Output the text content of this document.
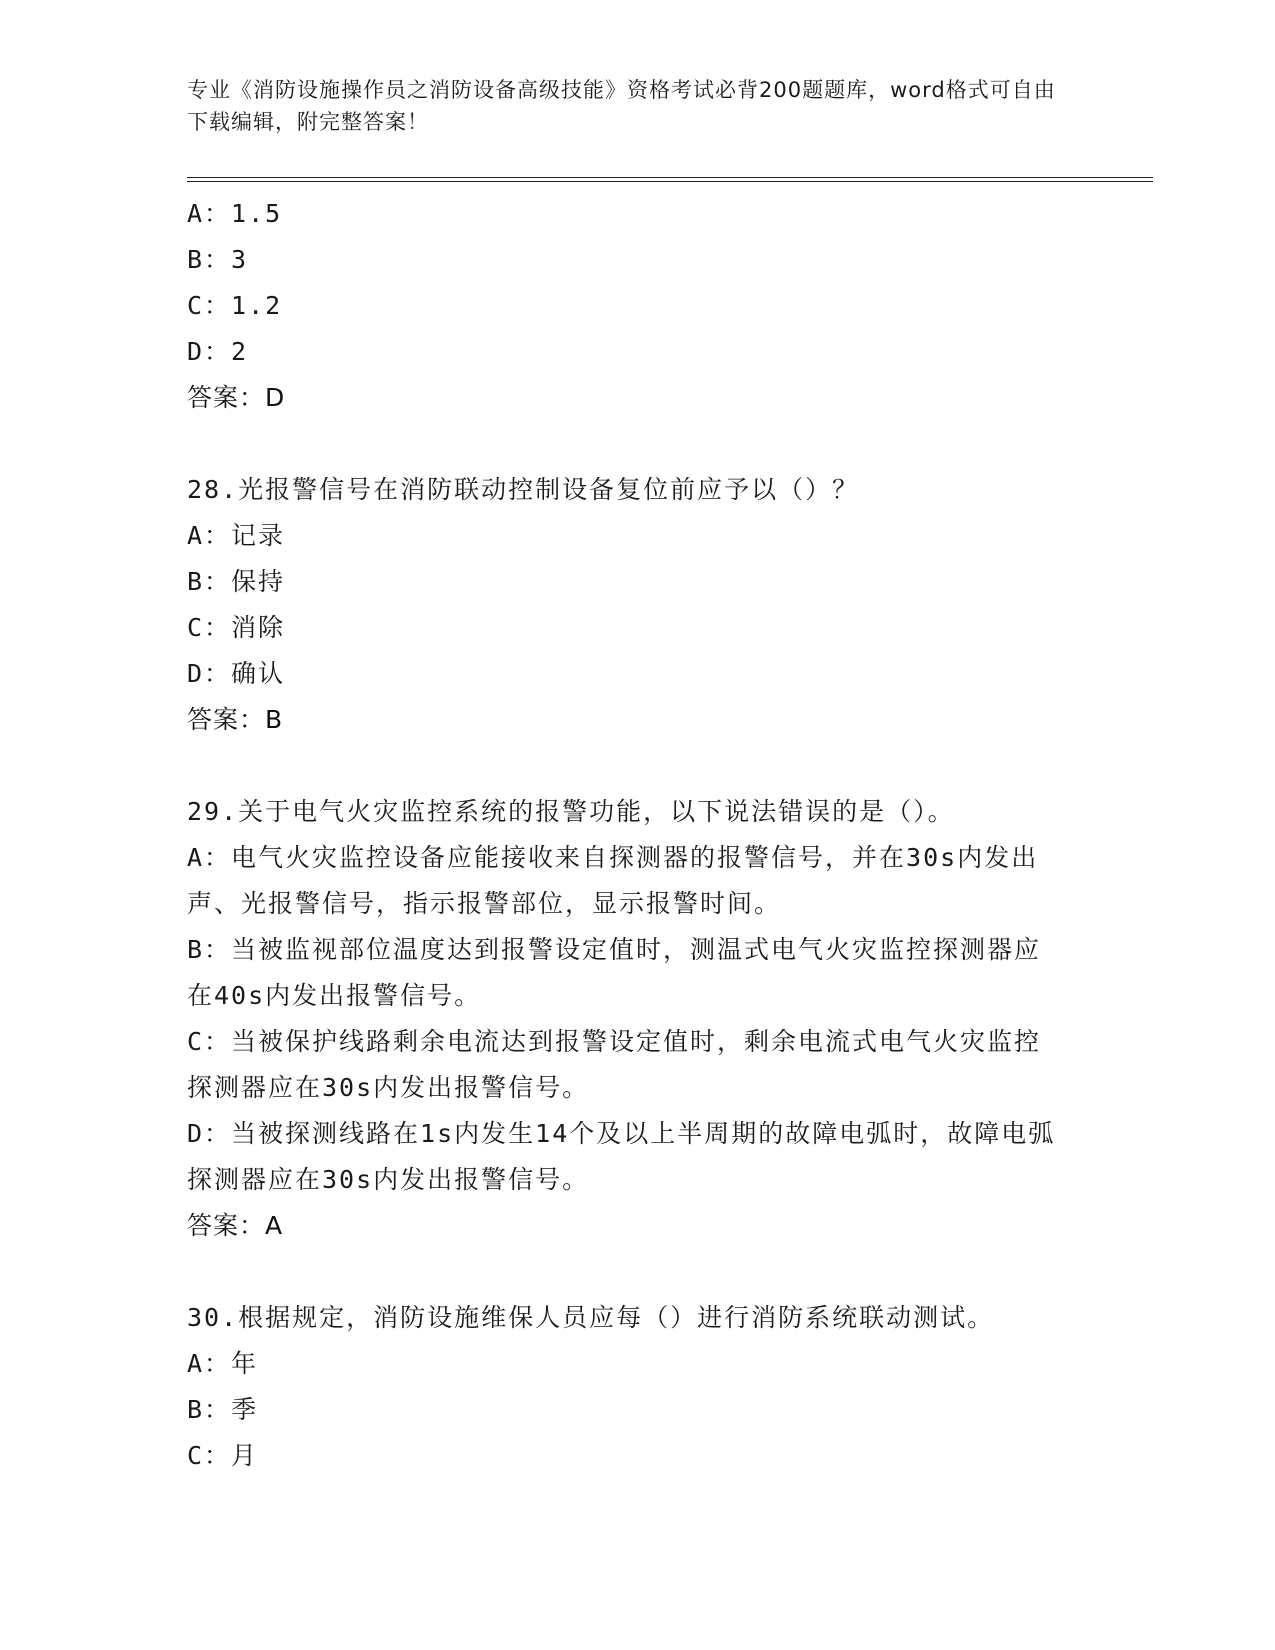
专业《消防设施操作员之消防设备高级技能》资格考试必背200题题库，word格式可自由下载编辑，附完整答案！
A：1.5
B：3
C：1.2
D：2
答案：D
28.光报警信号在消防联动控制设备复位前应予以（）？
A：记录
B：保持
C：消除
D：确认
答案：B
29.关于电气火灾监控系统的报警功能，以下说法错误的是（）。
A：电气火灾监控设备应能接收来自探测器的报警信号，并在30s内发出声、光报警信号，指示报警部位，显示报警时间。
B：当被监视部位温度达到报警设定值时，测温式电气火灾监控探测器应在40s内发出报警信号。
C：当被保护线路剩余电流达到报警设定值时，剩余电流式电气火灾监控探测器应在30s内发出报警信号。
D：当被探测线路在1s内发生14个及以上半周期的故障电弧时，故障电弧探测器应在30s内发出报警信号。
答案：A
30.根据规定，消防设施维保人员应每（）进行消防系统联动测试。
A：年
B：季
C：月
